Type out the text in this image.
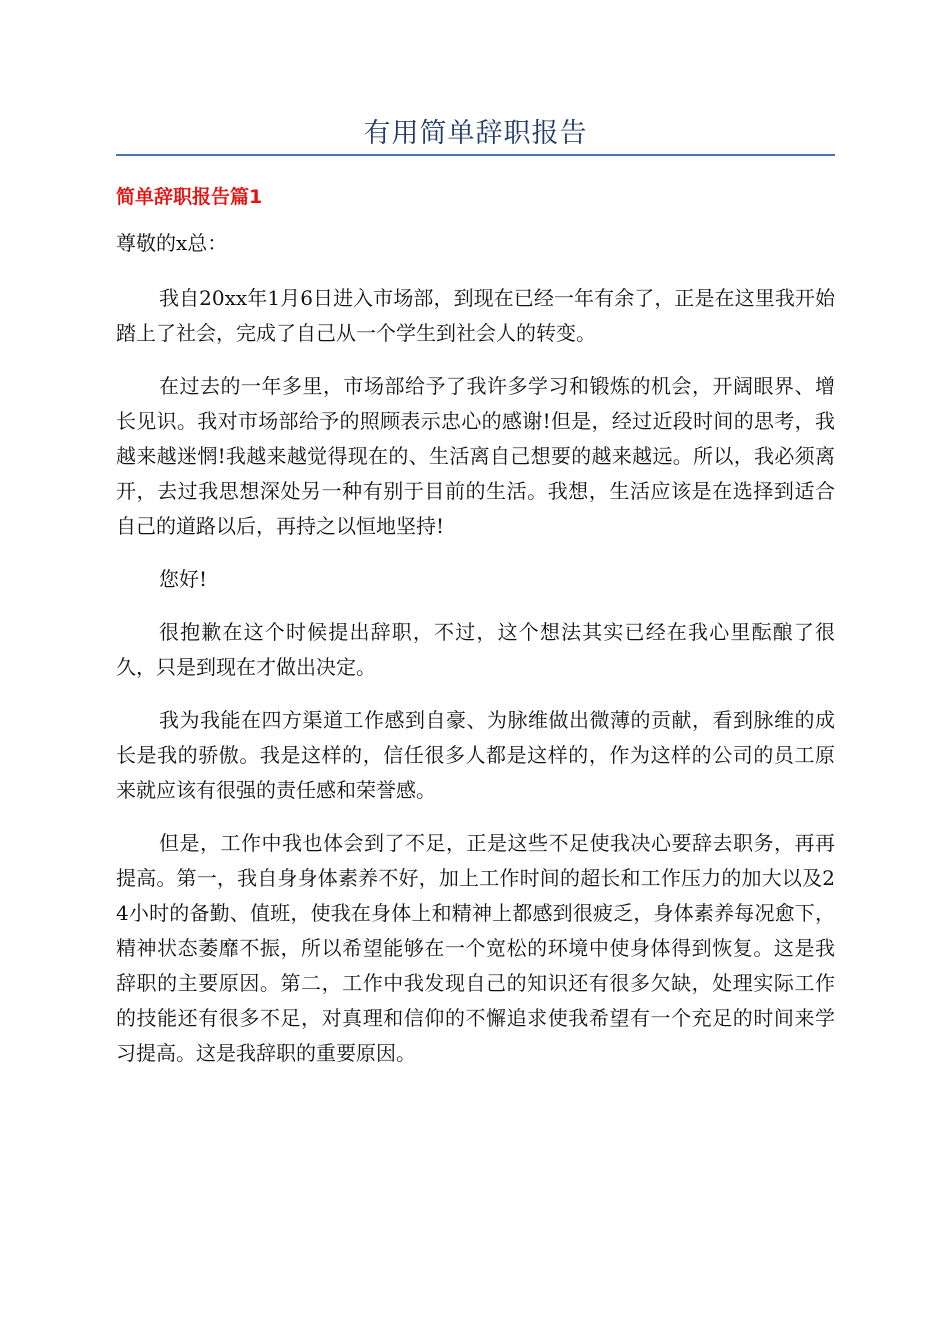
有用简单辞职报告
简单辞职报告篇1
尊敬的x总：

我自20xx年1月6日进入市场部，到现在已经一年有余了，正是在这里我开始踏上了社会，完成了自己从一个学生到社会人的转变。

在过去的一年多里，市场部给予了我许多学习和锻炼的机会，开阔眼界、增长见识。我对市场部给予的照顾表示忠心的感谢!但是，经过近段时间的思考，我越来越迷惘!我越来越觉得现在的、生活离自己想要的越来越远。所以，我必须离开，去过我思想深处另一种有别于目前的生活。我想，生活应该是在选择到适合自己的道路以后，再持之以恒地坚持!

您好!

很抱歉在这个时候提出辞职，不过，这个想法其实已经在我心里酝酿了很久，只是到现在才做出决定。

我为我能在四方渠道工作感到自豪、为脉维做出微薄的贡献，看到脉维的成长是我的骄傲。我是这样的，信任很多人都是这样的，作为这样的公司的员工原来就应该有很强的责任感和荣誉感。

但是，工作中我也体会到了不足，正是这些不足使我决心要辞去职务，再再提高。第一，我自身身体素养不好，加上工作时间的超长和工作压力的加大以及24小时的备勤、值班，使我在身体上和精神上都感到很疲乏，身体素养每况愈下，精神状态萎靡不振，所以希望能够在一个宽松的环境中使身体得到恢复。这是我辞职的主要原因。第二，工作中我发现自己的知识还有很多欠缺，处理实际工作的技能还有很多不足，对真理和信仰的不懈追求使我希望有一个充足的时间来学习提高。这是我辞职的重要原因。
